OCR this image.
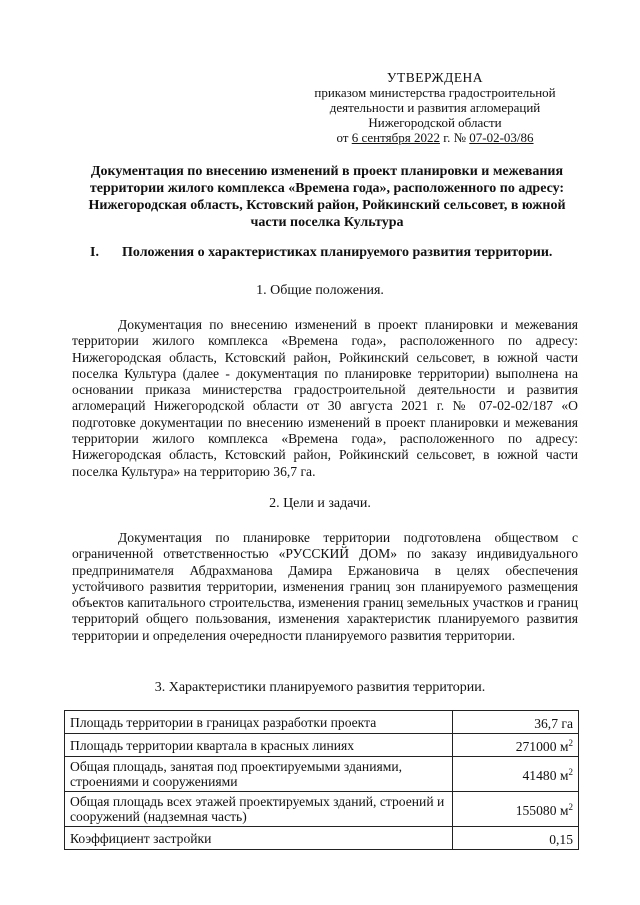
УТВЕРЖДЕНА
приказом министерства градостроительной
деятельности и развития агломераций
Нижегородской области
от 6 сентября 2022 г. № 07-02-03/86
Документация по внесению изменений в проект планировки и межевания территории жилого комплекса «Времена года», расположенного по адресу: Нижегородская область, Кстовский район, Ройкинский сельсовет, в южной части поселка Культура
I. Положения о характеристиках планируемого развития территории.
1. Общие положения.

Документация по внесению изменений в проект планировки и межевания территории жилого комплекса «Времена года», расположенного по адресу: Нижегородская область, Кстовский район, Ройкинский сельсовет, в южной части поселка Культура (далее - документация по планировке территории) выполнена на основании приказа министерства градостроительной деятельности и развития агломераций Нижегородской области от 30 августа 2021 г. № 07-02-02/187 «О подготовке документации по внесению изменений в проект планировки и межевания территории жилого комплекса «Времена года», расположенного по адресу: Нижегородская область, Кстовский район, Ройкинский сельсовет, в южной части поселка Культура» на территорию 36,7 га.

2. Цели и задачи.

Документация по планировке территории подготовлена обществом с ограниченной ответственностью «РУССКИЙ ДОМ» по заказу индивидуального предпринимателя Абдрахманова Дамира Ержановича в целях обеспечения устойчивого развития территории, изменения границ зон планируемого размещения объектов капитального строительства, изменения границ земельных участков и границ территорий общего пользования, изменения характеристик планируемого развития территории и определения очередности планируемого развития территории.

3. Характеристики планируемого развития территории.
Площадь территории в границах разработки проекта	36,7 га
Площадь территории квартала в красных линиях	271000 $м^2$
Общая площадь, занятая под проектируемыми зданиями, строениями и сооружениями	41480 $м^2$
Общая площадь всех этажей проектируемых зданий, строений и сооружений (надземная часть)	155080 $м^2$
Коэффициент застройки	0,15
